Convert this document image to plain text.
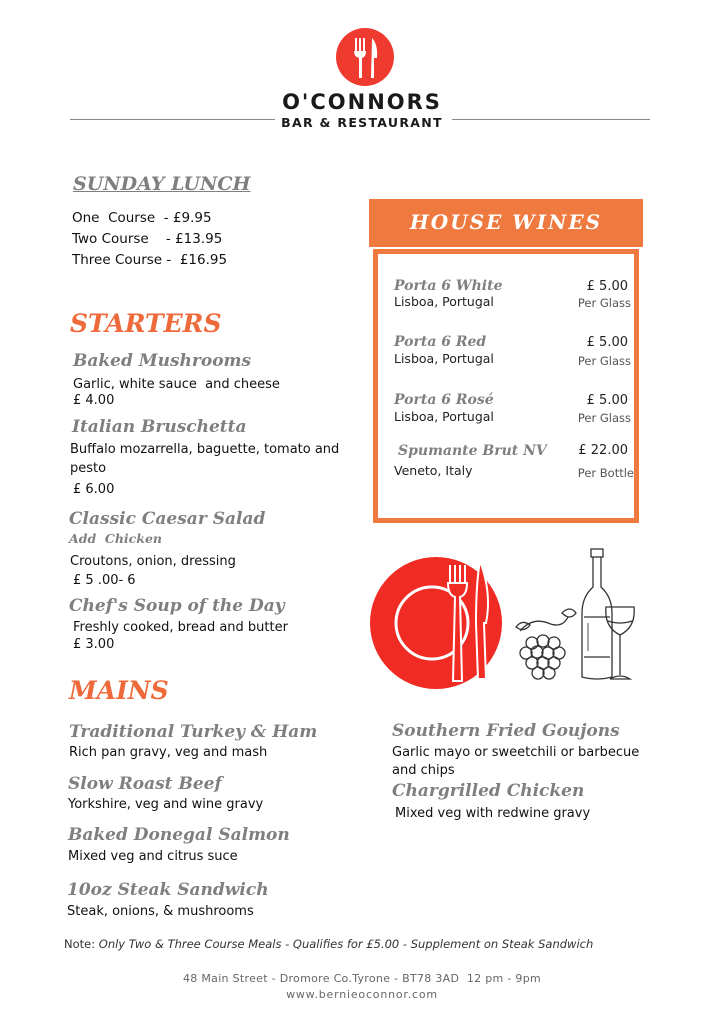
O'CONNORS
BAR & RESTAURANT
SUNDAY LUNCH
One  Course  - £9.95
Two Course    - £13.95
Three Course -  £16.95
STARTERS
Baked Mushrooms
Garlic, white sauce  and cheese
£ 4.00
Italian Bruschetta
Buffalo mozarrella, baguette, tomato and pesto
£ 6.00
Classic Caesar Salad
Add  Chicken
Croutons, onion, dressing
£ 5 .00- 6
Chef's Soup of the Day
Freshly cooked, bread and butter
£ 3.00
HOUSE WINES
Porta 6 White
Lisboa, Portugal
£ 5.00
Per Glass
Porta 6 Red
Lisboa, Portugal
£ 5.00
Per Glass
Porta 6 Rosé
Lisboa, Portugal
£ 5.00
Per Glass
Spumante Brut NV
Veneto, Italy
£ 22.00
Per Bottle
MAINS
Traditional Turkey & Ham
Rich pan gravy, veg and mash
Slow Roast Beef
Yorkshire, veg and wine gravy
Baked Donegal Salmon
Mixed veg and citrus suce
10oz Steak Sandwich
Steak, onions, & mushrooms
Southern Fried Goujons
Garlic mayo or sweetchili or barbecue and chips
Chargrilled Chicken
Mixed veg with redwine gravy
Note: Only Two & Three Course Meals - Qualifies for £5.00 - Supplement on Steak Sandwich
48 Main Street - Dromore Co.Tyrone - BT78 3AD  12 pm - 9pm
www.bernieoconnor.com
